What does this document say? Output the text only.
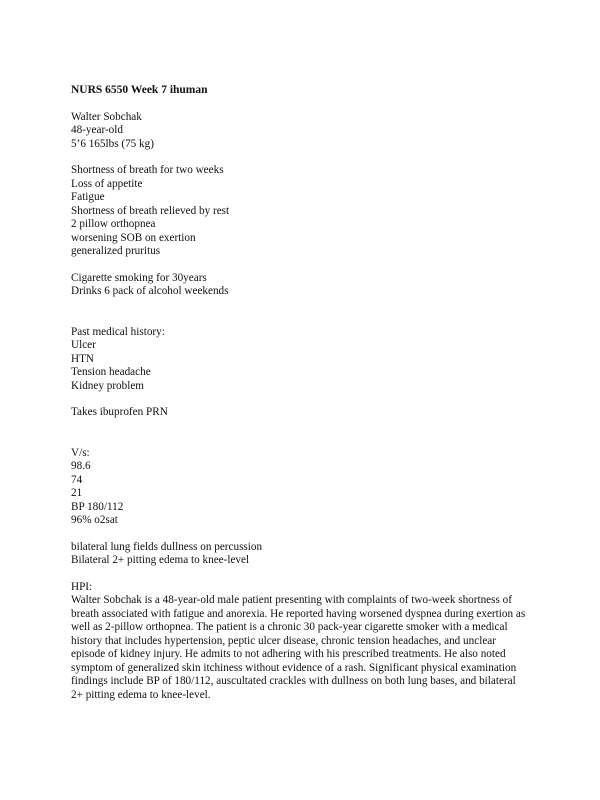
NURS 6550 Week 7 ihuman
Walter Sobchak
48-year-old
5’6 165lbs (75 kg)
Shortness of breath for two weeks
Loss of appetite
Fatigue
Shortness of breath relieved by rest
2 pillow orthopnea
worsening SOB on exertion
generalized pruritus
Cigarette smoking for 30years
Drinks 6 pack of alcohol weekends
Past medical history:
Ulcer
HTN
Tension headache
Kidney problem
Takes ibuprofen PRN
V/s:
98.6
74
21
BP 180/112
96% o2sat
bilateral lung fields dullness on percussion
Bilateral 2+ pitting edema to knee-level
HPI:
Walter Sobchak is a 48-year-old male patient presenting with complaints of two-week shortness of breath associated with fatigue and anorexia. He reported having worsened dyspnea during exertion as well as 2-pillow orthopnea. The patient is a chronic 30 pack-year cigarette smoker with a medical history that includes hypertension, peptic ulcer disease, chronic tension headaches, and unclear episode of kidney injury. He admits to not adhering with his prescribed treatments. He also noted symptom of generalized skin itchiness without evidence of a rash. Significant physical examination findings include BP of 180/112, auscultated crackles with dullness on both lung bases, and bilateral 2+ pitting edema to knee-level.
